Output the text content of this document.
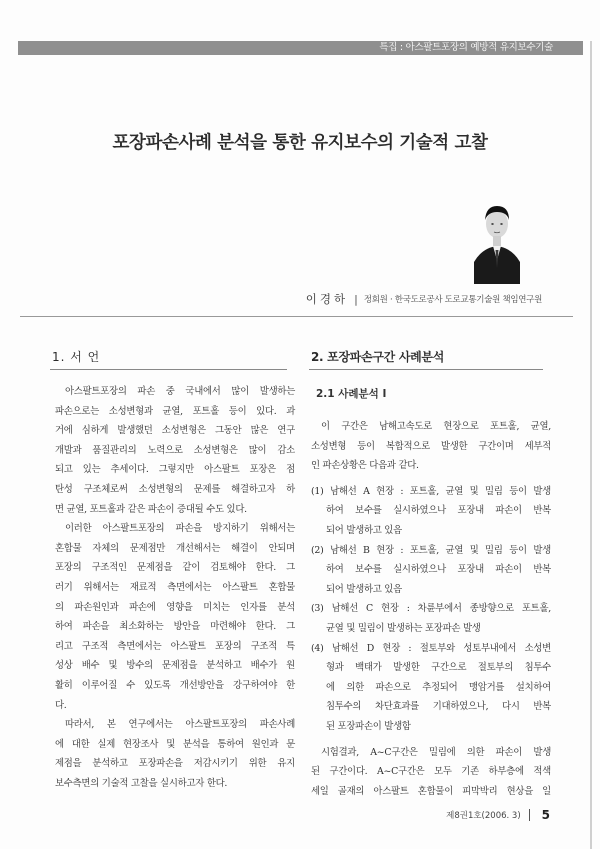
특집 : 아스팔트포장의 예방적 유지보수기술
포장파손사례 분석을 통한 유지보수의 기술적 고찰
이경하 | 정회원 · 한국도로공사 도로교통기술원 책임연구원
1. 서 언	2. 포장파손구간 사례분석
2.1 사례분석 Ⅰ

아스팔트포장의 파손 중 국내에서 많이 발생하는

파손으로는 소성변형과 균열, 포트홀 등이 있다. 과

거에 심하게 발생했던 소성변형은 그동안 많은 연구

개발과 품질관리의 노력으로 소성변형은 많이 감소

되고 있는 추세이다. 그렇지만 아스팔트 포장은 점

탄성 구조체로써 소성변형의 문제를 해결하고자 하

면 균열, 포트홀과 같은 파손이 증대될 수도 있다.

이러한 아스팔트포장의 파손을 방지하기 위해서는

혼합물 자체의 문제점만 개선해서는 해결이 안되며

포장의 구조적인 문제점을 같이 검토해야 한다. 그

러기 위해서는 재료적 측면에서는 아스팔트 혼합물

의 파손원인과 파손에 영향을 미치는 인자를 분석

하여 파손을 최소화하는 방안을 마련해야 한다. 그

리고 구조적 측면에서는 아스팔트 포장의 구조적 특

성상 배수 및 방수의 문제점을 분석하고 배수가 원

활히 이루어질 수 있도록 개선방안을 강구하여야 한

다.

따라서, 본 연구에서는 아스팔트포장의 파손사례

에 대한 실제 현장조사 및 분석을 통하여 원인과 문

제점을 분석하고 포장파손을 저감시키기 위한 유지

보수측면의 기술적 고찰을 실시하고자 한다.

이 구간은 남해고속도로 현장으로 포트홀, 균열,

소성변형 등이 복합적으로 발생한 구간이며 세부적

인 파손상황은 다음과 같다.

(1) 남해선 A 현장 : 포트홀, 균열 및 밀림 등이 발생

하여 보수를 실시하였으나 포장내 파손이 반복

되어 발생하고 있음

(2) 남해선 B 현장 : 포트홀, 균열 및 밀림 등이 발생

하여 보수를 실시하였으나 포장내 파손이 반복

되어 발생하고 있음

(3) 남해선 C 현장 : 차륜부에서 종방향으로 포트홀,

균열 및 밀림이 발생하는 포장파손 발생

(4) 남해선 D 현장 : 절토부와 성토부내에서 소성변

형과 백태가 발생한 구간으로 절토부의 침투수

에 의한 파손으로 추정되어 맹암거를 설치하여

침투수의 차단효과를 기대하였으나, 다시 반복

된 포장파손이 발생함

시험결과, A~C구간은 밀림에 의한 파손이 발생

된 구간이다. A~C구간은 모두 기존 하부층에 적색

세일 골재의 아스팔트 혼합물이 피막박리 현상을 일

제8권1호(2006. 3) 5
